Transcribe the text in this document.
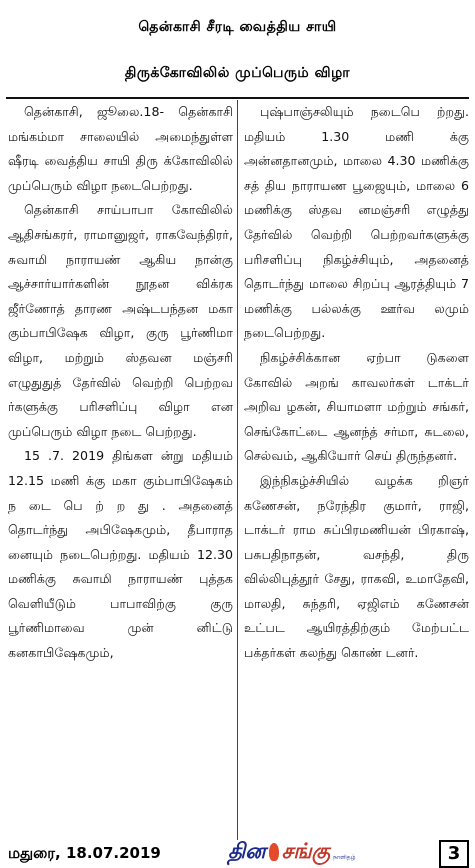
தென்காசி சீரடி வைத்திய சாயி
திருக்கோவிலில் முப்பெரும் விழா

தென்காசி, ஜூலை.18- தென்காசி மங்கம்மா சாலையில் அமைந்துள்ள ஷீரடி வைத்திய சாயி திரு க்கோவிலில் முப்பெரும் விழா நடைபெற்றது.

தென்காசி சாய்பாபா கோவிலில் ஆதிசங்கரர், ராமானுஜர், ராகவேந்திரர், சுவாமி நாராயண் ஆகிய நான்கு ஆச்சார்யார்களின் நூதன விக்ரக ஜீர்ணோத் தாரண அஷ்டபந்தன மகா கும்பாபிஷேக விழா, குரு பூர்ணிமா விழா, மற்றும் ஸ்தவன மஞ்சரி எழுதுதுத் தேர்வில் வெற்றி பெற்றவ ர்களுக்கு பரிசளிப்பு விழா என முப்பெரும் விழா நடை பெற்றது.

15 .7. 2019 திங்கள ன்று மதியம் 12.15 மணி க்கு மகா கும்பாபிஷேகம் ந டை பெ ற் ற து . அதனைத் தொடர்ந்து அபிஷேகமும், தீபாராத னையும் நடைபெற்றது. மதியம் 12.30 மணிக்கு சுவாமி நாராயண் புத்தக வெளியீடும் பாபாவிற்கு குரு பூர்ணிமாவை முன் னிட்டு கனகாபிஷேகமும்,

புஷ்பாஞ்சலியும் நடைபெ ற்றது. மதியம் 1.30 மணி க்கு அன்னதானமும், மாலை 4.30 மணிக்கு சத் திய நாராயண பூஜையும், மாலை 6 மணிக்கு ஸ்தவ னமஞ்சரி எழுத்து தேர்வில் வெற்றி பெற்றவர்களுக்கு பரிசளிப்பு நிகழ்ச்சியும், அதனைத் தொடர்ந்து மாலை சிறப்பு ஆரத்தியும் 7 மணிக்கு பல்லக்கு ஊர்வ லமும் நடைபெற்றது.

நிகழ்ச்சிக்கான ஏற்பா டுகளை கோவில் அறங் காவலர்கள் டாக்டர் அறிவ ழகன், சியாமளா மற்றும் சங்கர், செங்கோட்டை ஆனந்த் சர்மா, சுடலை, செல்வம், ஆகியோர் செய் திருந்தனர்.

இந்நிகழ்ச்சியில் வழக்க றிஞர் கணேசன், நரேந்திர குமார், ராஜி, டாக்டர் ராம சுப்பிரமணியன் பிரகாஷ், பசுபதிநாதன், வசந்தி, திரு வில்லிபுத்தூர் சேது, ராகவி, உமாதேவி, மாலதி, சுந்தரி, ஏஜிஎம் கணேசன் உட்பட ஆயிரத்திற்கும் மேற்பட்ட பக்தர்கள் கலந்து கொண் டனர்.

மதுரை, 18.07.2019	தின சங்கு நாளிதழ்	3
